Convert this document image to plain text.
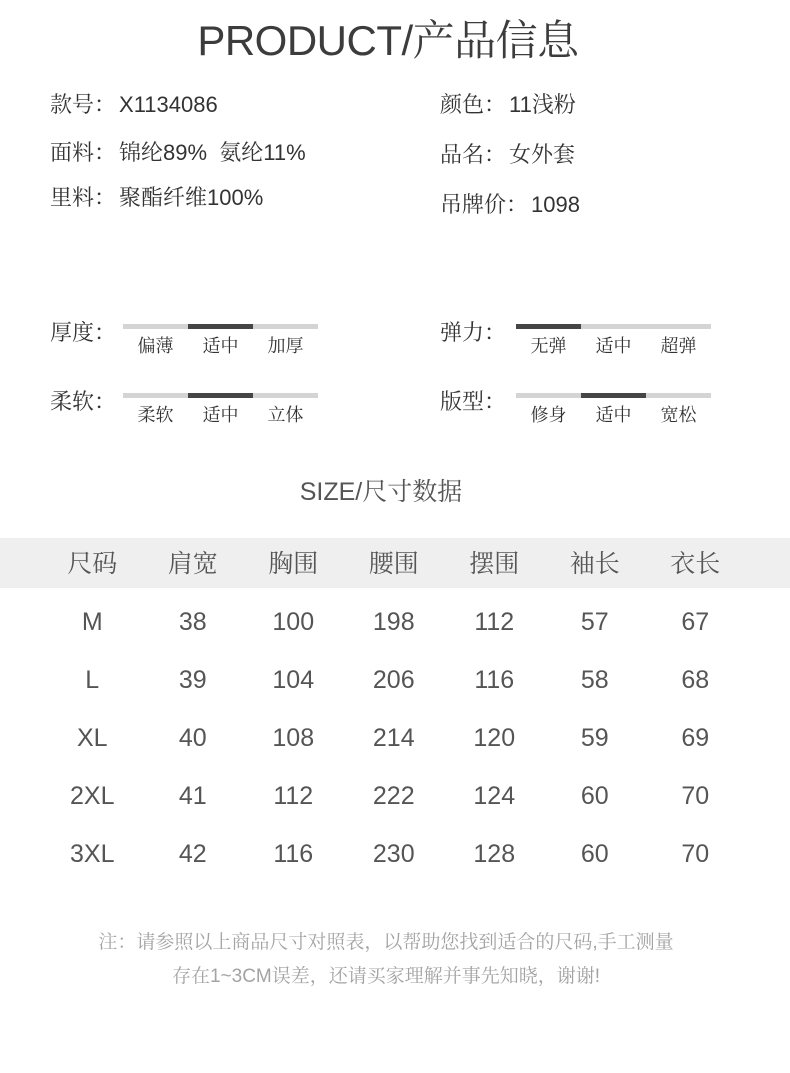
PRODUCT/产品信息
款号： X1134086
面料： 锦纶89%  氨纶11%
里料： 聚酯纤维100%
颜色： 11浅粉
品名： 女外套
吊牌价： 1098
厚度：
偏薄	适中	加厚
弹力：
无弹	适中	超弹
柔软：
柔软	适中	立体
版型：
修身	适中	宽松
SIZE/尺寸数据
尺码	肩宽	胸围	腰围	摆围	袖长	衣长
M	38	100	198	112	57	67
L	39	104	206	116	58	68
XL	40	108	214	120	59	69
2XL	41	112	222	124	60	70
3XL	42	116	230	128	60	70
注：请参照以上商品尺寸对照表，以帮助您找到适合的尺码,手工测量
存在1~3CM误差，还请买家理解并事先知晓，谢谢!
